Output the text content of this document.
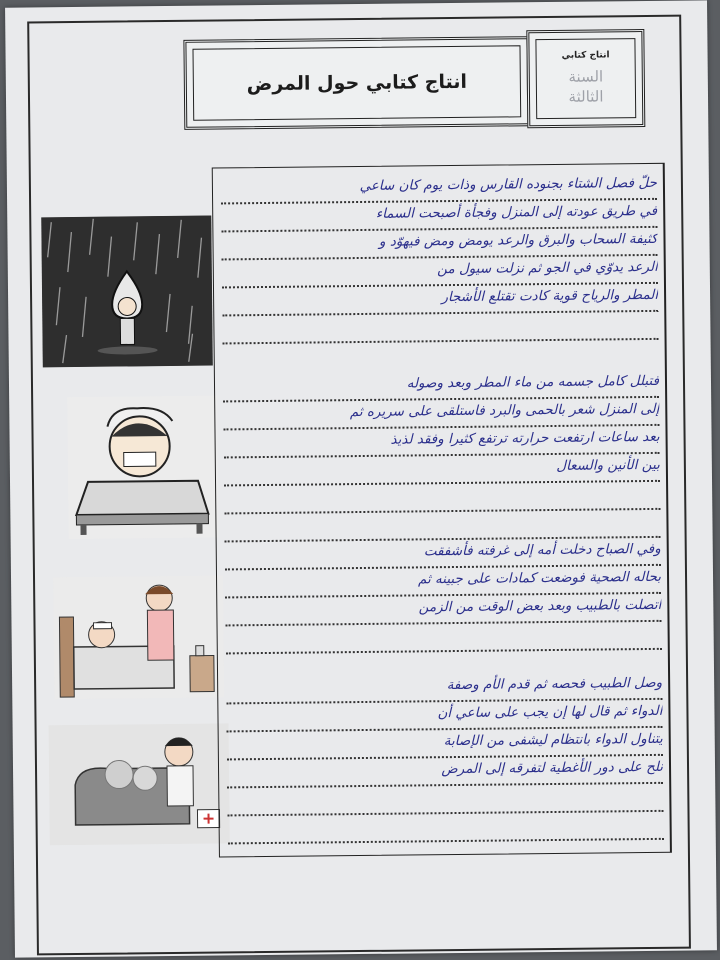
انتاج كتابي حول المرض
انتاج كتابي
السنة
الثالثة
حلّ فصل الشتاء بجنوده القارس وذات يوم كان ساعي
في طريق عودته إلى المنزل وفجأة أصبحت السماء
كثيفة السحاب والبرق والرعد يومض ومض فيهوّد و
الرعد يدوّي في الجو ثم نزلت سيول من
المطر والرياح قوية كادت تقتلع الأشجار
فتبلل كامل جسمه من ماء المطر وبعد وصوله
إلى المنزل شعر بالحمى والبرد فاستلقى على سريره ثم
بعد ساعات ارتفعت حرارته ترتفع كثيرا وفقد لذيذ
بين الأنين والسعال
وفي الصباح دخلت أمه إلى غرفته فأشفقت
بحاله الصحية فوضعت كمادات على جبينه ثم
اتصلت بالطبيب وبعد بعض الوقت من الزمن
وصل الطبيب فحصه ثم قدم الأم وصفة
الدواء ثم قال لها إن يجب على ساعي أن
يتناول الدواء بانتظام ليشفى من الإصابة
نلح على دور الأغطية لتفرقه إلى المرض
